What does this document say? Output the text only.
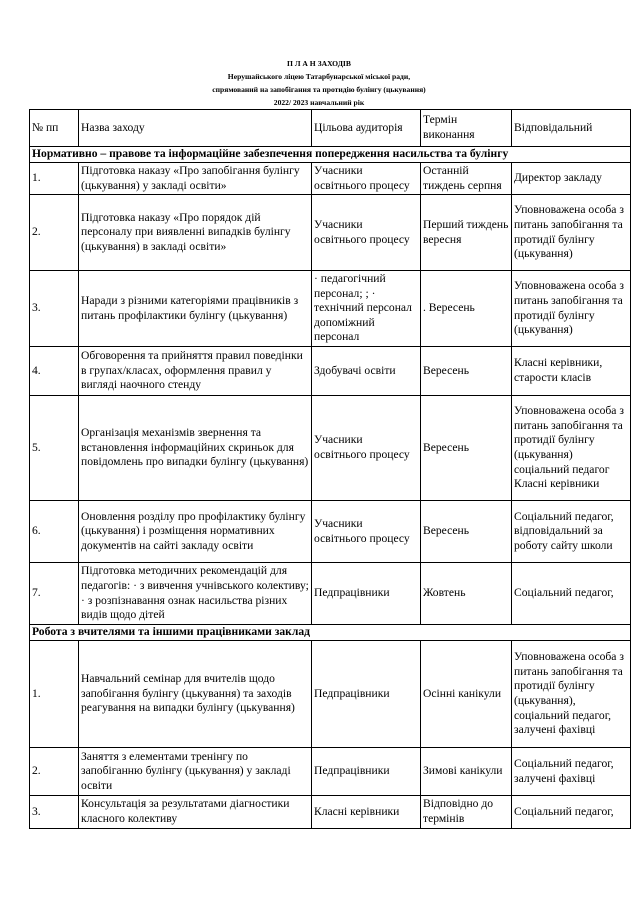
П Л А Н ЗАХОДІВ
Нерушайського ліцею Татарбунарської міської ради,
спрямований на запобігання та протидію булінгу (цькування)
2022/ 2023 навчальний рік
№ пп	Назва заходу	Цільова аудиторія	Термін виконання	Відповідальний
Нормативно – правове та інформаційне забезпечення попередження насильства та булінгу				
1.	Підготовка наказу «Про запобігання булінгу (цькування) у закладі освіти»	Учасники освітнього процесу	Останній тиждень серпня	Директор закладу
2.	Підготовка наказу «Про порядок дій персоналу при виявленні випадків булінгу (цькування) в закладі освіти»	Учасники освітнього процесу	Перший тиждень вересня	Уповноважена особа з питань запобігання та протидії булінгу (цькування)
3.	Наради з різними категоріями працівників з питань профілактики булінгу (цькування)	· педагогічний персонал; ; · технічний персонал допоміжний персонал	. Вересень	Уповноважена особа з питань запобігання та протидії булінгу (цькування)
4.	Обговорення та прийняття правил поведінки в групах/класах, оформлення правил у вигляді наочного стенду	Здобувачі освіти	Вересень	Класні керівники, старости класів
5.	Організація механізмів звернення та встановлення інформаційних скриньок для повідомлень про випадки булінгу (цькування)	Учасники освітнього процесу	Вересень	Уповноважена особа з питань запобігання та протидії булінгу (цькування) соціальний педагог Класні керівники
6.	Оновлення розділу про профілактику булінгу (цькування) і розміщення нормативних документів на сайті закладу освіти	Учасники освітнього процесу	Вересень	Соціальний педагог, відповідальний за роботу сайту школи
7.	Підготовка методичних рекомендацій для педагогів: · з вивчення учнівського колективу; · з розпізнавання ознак насильства різних видів щодо дітей	Педпрацівники	Жовтень	Соціальний педагог,
Робота з вчителями та іншими працівниками заклад				
1.	Навчальний семінар для вчителів щодо запобігання булінгу (цькування) та заходів реагування на випадки булінгу (цькування)	Педпрацівники	Осінні канікули	Уповноважена особа з питань запобігання та протидії булінгу (цькування), соціальний педагог, залучені фахівці
2.	Заняття з елементами тренінгу по запобіганню булінгу (цькування) у закладі освіти	Педпрацівники	Зимові канікули	Соціальний педагог, залучені фахівці
3.	Консультація за результатами діагностики класного колективу	Класні керівники	Відповідно до термінів	Соціальний педагог,
